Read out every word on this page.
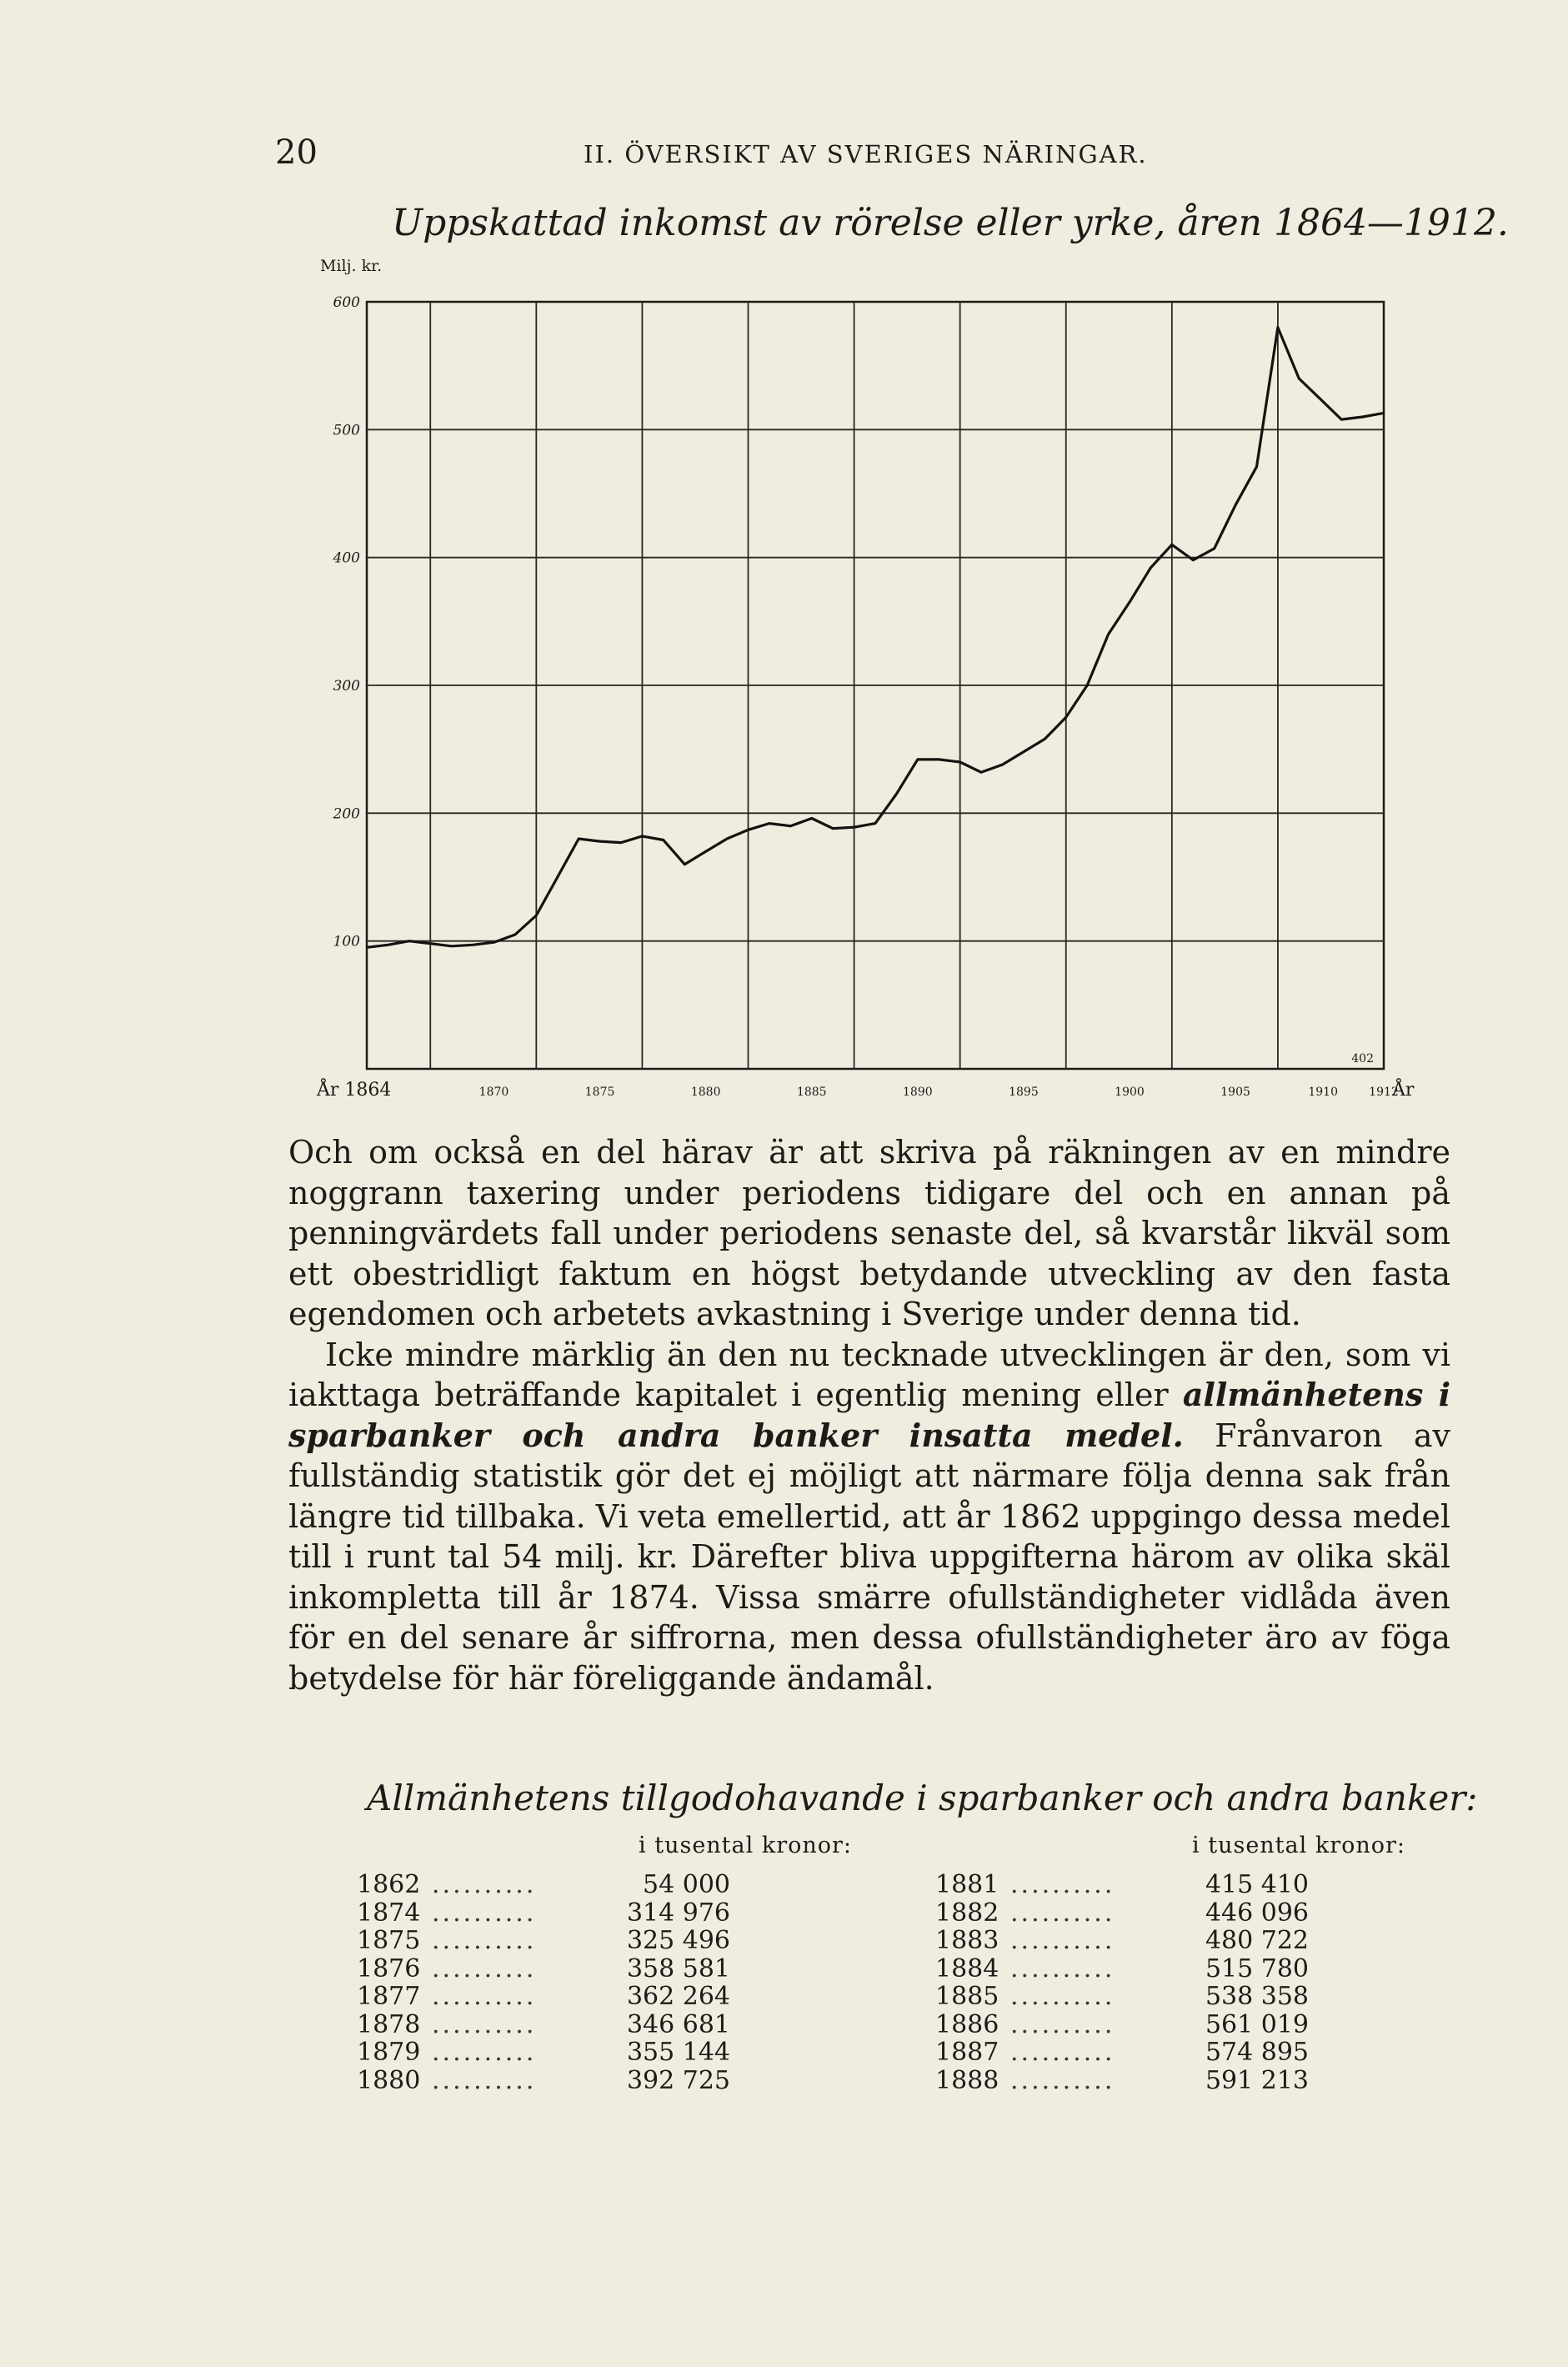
20	II. ÖVERSIKT AV SVERIGES NÄRINGAR.
Uppskattad inkomst av rörelse eller yrke, åren 1864—1912.
Milj. kr.
600
500
400
300
200
100
År 1864	1870	1875	1880	1885	1890	1895	1900	1905	1910	1912
År
402

Och om också en del härav är att skriva på räkningen av en mindre noggrann taxering under periodens tidigare del och en annan på penningvärdets fall under periodens senaste del, så kvarstår likväl som ett obestridligt faktum en högst betydande utveckling av den fasta egendomen och arbetets avkastning i Sverige under denna tid.

Icke mindre märklig än den nu tecknade utvecklingen är den, som vi iakttaga beträffande kapitalet i egentlig mening eller allmänhetens i sparbanker och andra banker insatta medel. Frånvaron av fullständig statistik gör det ej möjligt att närmare följa denna sak från längre tid tillbaka. Vi veta emellertid, att år 1862 uppgingo dessa medel till i runt tal 54 milj. kr. Därefter bliva uppgifterna härom av olika skäl inkompletta till år 1874. Vissa smärre ofullständigheter vidlåda även för en del senare år siffrorna, men dessa ofullständigheter äro av föga betydelse för här föreliggande ändamål.

Allmänhetens tillgodohavande i sparbanker och andra banker:
i tusental kronor:	i tusental kronor:
1862	..........	54 000
1874	..........	314 976
1875	..........	325 496
1876	..........	358 581
1877	..........	362 264
1878	..........	346 681
1879	..........	355 144
1880	..........	392 725
1881	..........	415 410
1882	..........	446 096
1883	..........	480 722
1884	..........	515 780
1885	..........	538 358
1886	..........	561 019
1887	..........	574 895
1888	..........	591 213
